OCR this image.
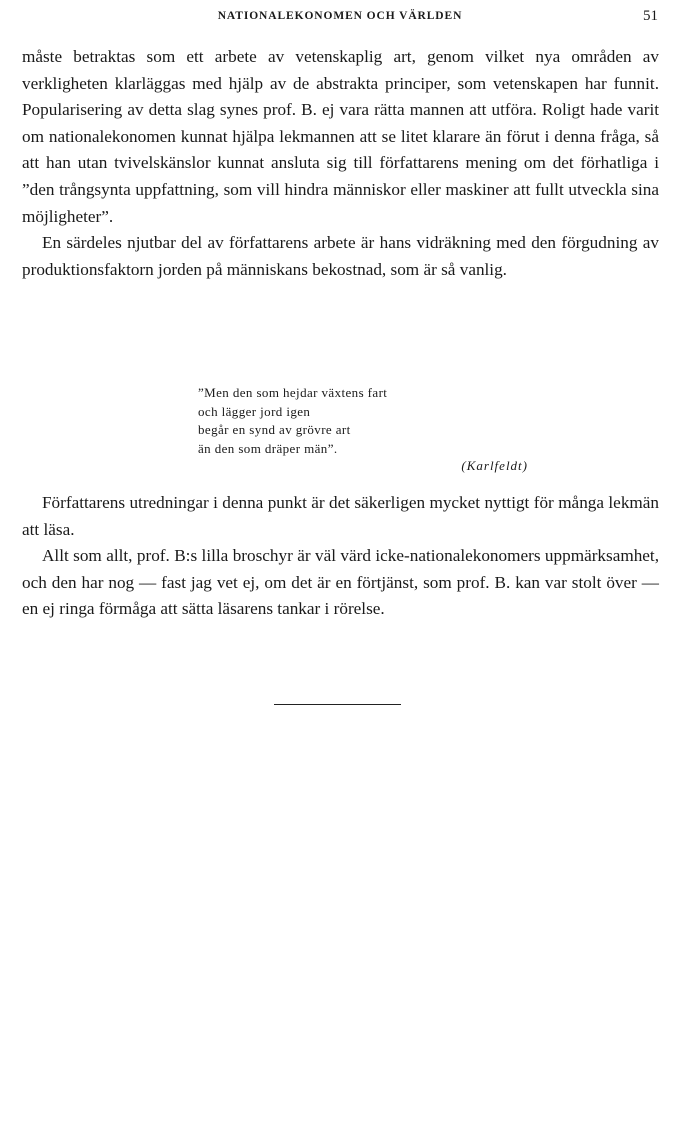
NATIONALEKONOMEN OCH VÄRLDEN	51

måste betraktas som ett arbete av vetenskaplig art, genom vilket nya områden av verkligheten klarläggas med hjälp av de abstrakta principer, som vetenskapen har funnit. Popularisering av detta slag synes prof. B. ej vara rätta mannen att utföra. Roligt hade varit om nationalekonomen kunnat hjälpa lekmannen att se litet klarare än förut i denna fråga, så att han utan tvivelskänslor kunnat ansluta sig till författarens mening om det förhatliga i ”den trångsynta uppfattning, som vill hindra människor eller maskiner att fullt utveckla sina möjligheter”.

En särdeles njutbar del av författarens arbete är hans vidräkning med den förgudning av produktionsfaktorn jorden på människans bekostnad, som är så vanlig.

”Men den som hejdar växtens fart
och lägger jord igen
begår en synd av grövre art
än den som dräper män”.
(Karlfeldt)

Författarens utredningar i denna punkt är det säkerligen mycket nyttigt för många lekmän att läsa.

Allt som allt, prof. B:s lilla broschyr är väl värd icke-nationalekonomers uppmärksamhet, och den har nog — fast jag vet ej, om det är en förtjänst, som prof. B. kan var stolt över — en ej ringa förmåga att sätta läsarens tankar i rörelse.
